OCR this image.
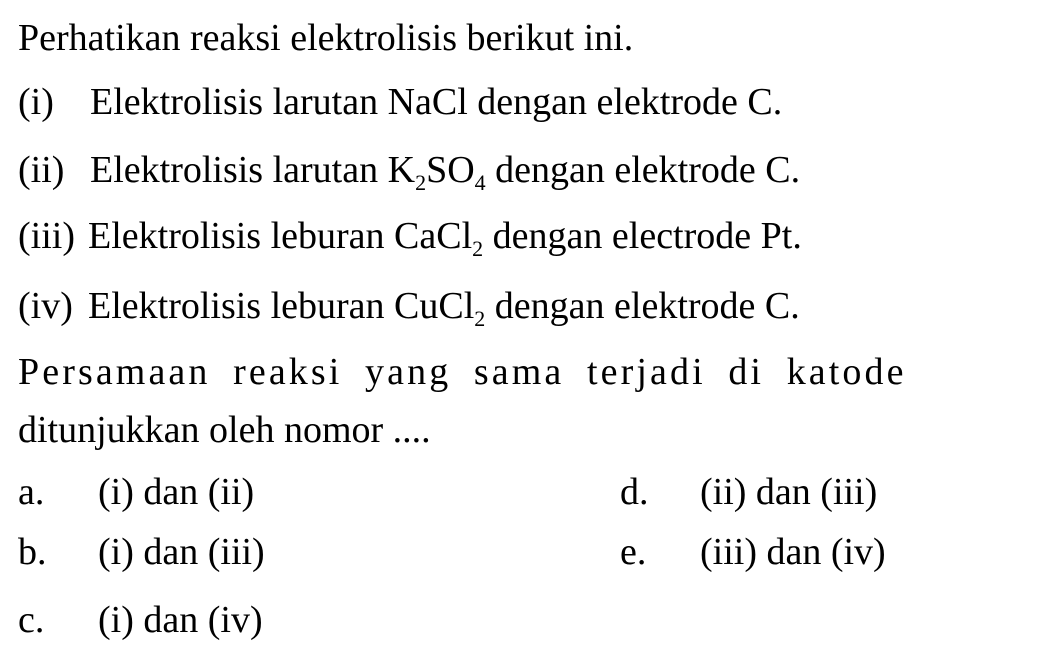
Perhatikan reaksi elektrolisis berikut ini.
(i) Elektrolisis larutan NaCl dengan elektrode C.
(ii) Elektrolisis larutan $K_2SO_4$ dengan elektrode C.
(iii) Elektrolisis leburan CaCl$_2$ dengan electrode Pt.
(iv) Elektrolisis leburan CuCl$_2$ dengan elektrode C.
Persamaan reaksi yang sama terjadi di katode
ditunjukkan oleh nomor ....
a. (i) dan (ii)
b. (i) dan (iii)
c. (i) dan (iv)
d. (ii) dan (iii)
e. (iii) dan (iv)
